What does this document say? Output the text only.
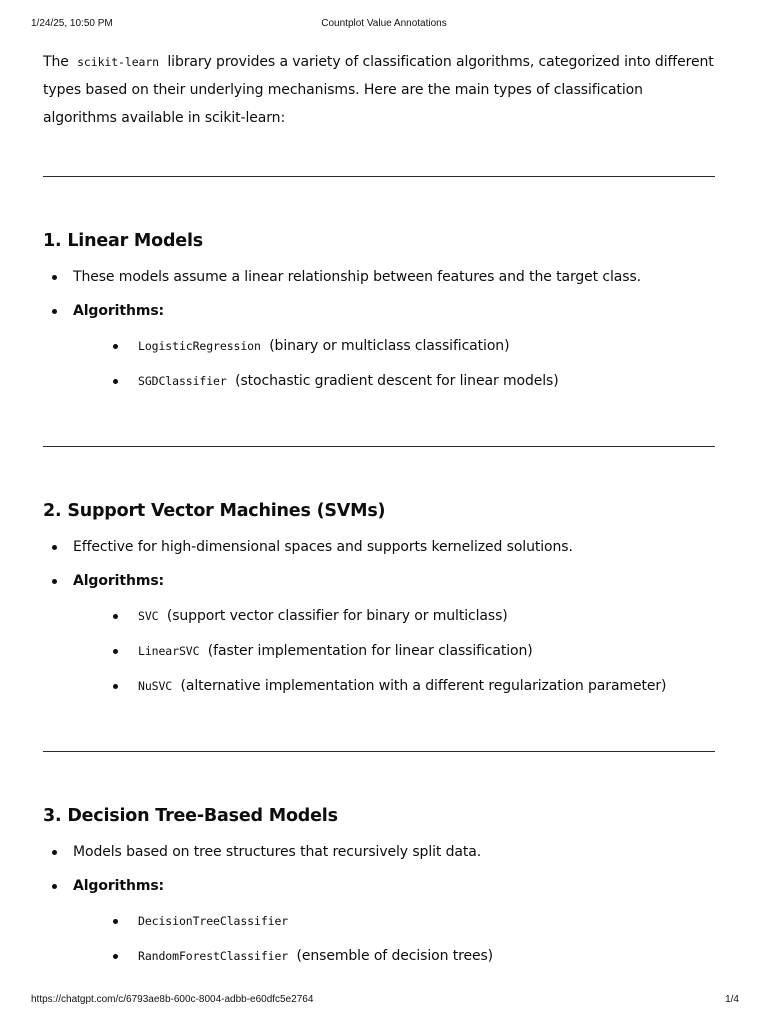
1/24/25, 10:50 PM	Countplot Value Annotations

The scikit-learn library provides a variety of classification algorithms, categorized into different types based on their underlying mechanisms. Here are the main types of classification algorithms available in scikit-learn:

1. Linear Models
These models assume a linear relationship between features and the target class.
Algorithms:
LogisticRegression (binary or multiclass classification)
SGDClassifier (stochastic gradient descent for linear models)
2. Support Vector Machines (SVMs)
Effective for high-dimensional spaces and supports kernelized solutions.
Algorithms:
SVC (support vector classifier for binary or multiclass)
LinearSVC (faster implementation for linear classification)
NuSVC (alternative implementation with a different regularization parameter)
3. Decision Tree-Based Models
Models based on tree structures that recursively split data.
Algorithms:
DecisionTreeClassifier
RandomForestClassifier (ensemble of decision trees)
https://chatgpt.com/c/6793ae8b-600c-8004-adbb-e60dfc5e2764	1/4
